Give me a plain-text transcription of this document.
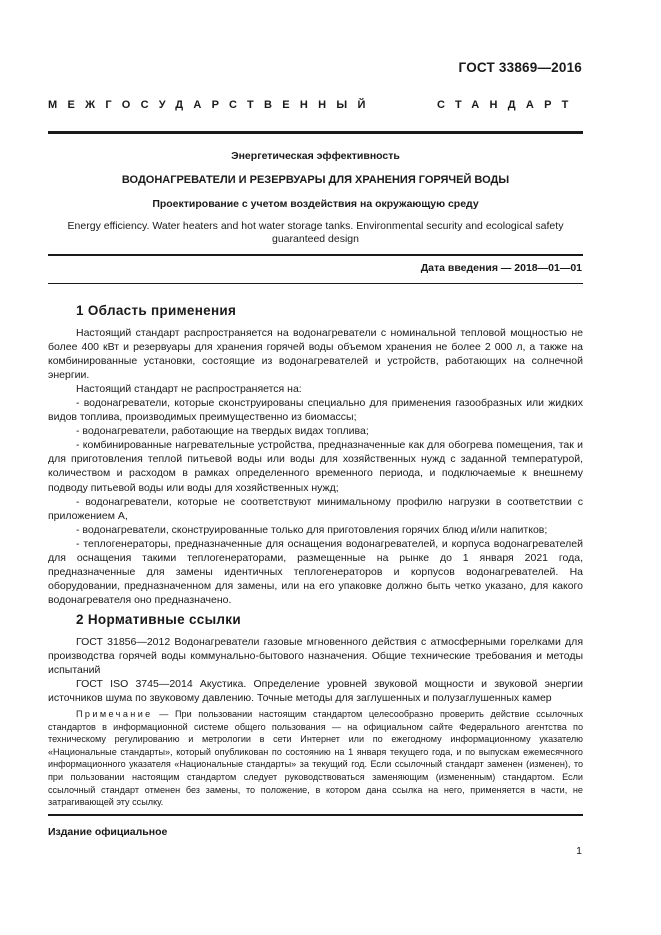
ГОСТ 33869—2016
МЕЖГОСУДАРСТВЕННЫЙ	СТАНДАРТ
Энергетическая эффективность
ВОДОНАГРЕВАТЕЛИ И РЕЗЕРВУАРЫ ДЛЯ ХРАНЕНИЯ ГОРЯЧЕЙ ВОДЫ
Проектирование с учетом воздействия на окружающую среду
Energy efficiency. Water heaters and hot water storage tanks. Environmental security and ecological safety guaranteed design
Дата введения — 2018—01—01
1 Область применения

Настоящий стандарт распространяется на водонагреватели с номинальной тепловой мощностью не более 400 кВт и резервуары для хранения горячей воды объемом хранения не более 2 000 л, а также на комбинированные установки, состоящие из водонагревателей и устройств, работающих на солнечной энергии.

Настоящий стандарт не распространяется на:

- водонагреватели, которые сконструированы специально для применения газообразных или жидких видов топлива, производимых преимущественно из биомассы;

- водонагреватели, работающие на твердых видах топлива;

- комбинированные нагревательные устройства, предназначенные как для обогрева помещения, так и для приготовления теплой питьевой воды или воды для хозяйственных нужд с заданной температурой, количеством и расходом в рамках определенного временного периода, и подключаемые к внешнему подводу питьевой воды или воды для хозяйственных нужд;

- водонагреватели, которые не соответствуют минимальному профилю нагрузки в соответствии с приложением А,

- водонагреватели, сконструированные только для приготовления горячих блюд и/или напитков;

- теплогенераторы, предназначенные для оснащения водонагревателей, и корпуса водонагревателей для оснащения такими теплогенераторами, размещенные на рынке до 1 января 2021 года, предназначенные для замены идентичных теплогенераторов и корпусов водонагревателей. На оборудовании, предназначенном для замены, или на его упаковке должно быть четко указано, для какого водонагревателя оно предназначено.

2 Нормативные ссылки

ГОСТ 31856—2012 Водонагреватели газовые мгновенного действия с атмосферными горелками для производства горячей воды коммунально-бытового назначения. Общие технические требования и методы испытаний

ГОСТ ISO 3745—2014 Акустика. Определение уровней звуковой мощности и звуковой энергии источников шума по звуковому давлению. Точные методы для заглушенных и полузаглушенных камер

Примечание — При пользовании настоящим стандартом целесообразно проверить действие ссылочных стандартов в информационной системе общего пользования — на официальном сайте Федерального агентства по техническому регулированию и метрологии в сети Интернет или по ежегодному информационному указателю «Национальные стандарты», который опубликован по состоянию на 1 января текущего года, и по выпускам ежемесячного информационного указателя «Национальные стандарты» за текущий год. Если ссылочный стандарт заменен (изменен), то при пользовании настоящим стандартом следует руководствоваться заменяющим (измененным) стандартом. Если ссылочный стандарт отменен без замены, то положение, в котором дана ссылка на него, применяется в части, не затрагивающей эту ссылку.

Издание официальное
1
